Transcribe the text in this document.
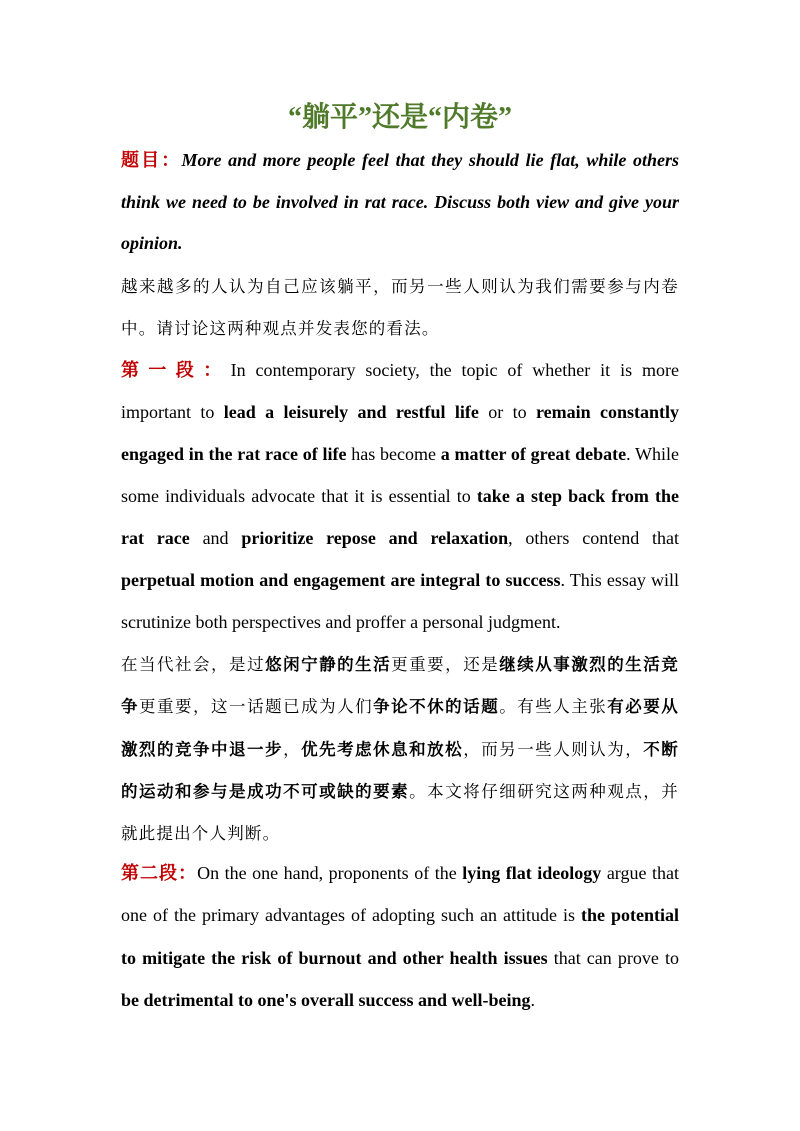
“躺平”还是“内卷”
题目：More and more people feel that they should lie flat, while others think we need to be involved in rat race. Discuss both view and give your opinion.
越来越多的人认为自己应该躺平，而另一些人则认为我们需要参与内卷中。请讨论这两种观点并发表您的看法。
第一段：In contemporary society, the topic of whether it is more important to lead a leisurely and restful life or to remain constantly engaged in the rat race of life has become a matter of great debate. While some individuals advocate that it is essential to take a step back from the rat race and prioritize repose and relaxation, others contend that perpetual motion and engagement are integral to success. This essay will scrutinize both perspectives and proffer a personal judgment.
在当代社会，是过悠闲宁静的生活更重要，还是继续从事激烈的生活竞争更重要，这一话题已成为人们争论不休的话题。有些人主张有必要从激烈的竞争中退一步，优先考虑休息和放松，而另一些人则认为，不断的运动和参与是成功不可或缺的要素。本文将仔细研究这两种观点，并就此提出个人判断。
第二段：On the one hand, proponents of the lying flat ideology argue that one of the primary advantages of adopting such an attitude is the potential to mitigate the risk of burnout and other health issues that can prove to be detrimental to one's overall success and well-being.
